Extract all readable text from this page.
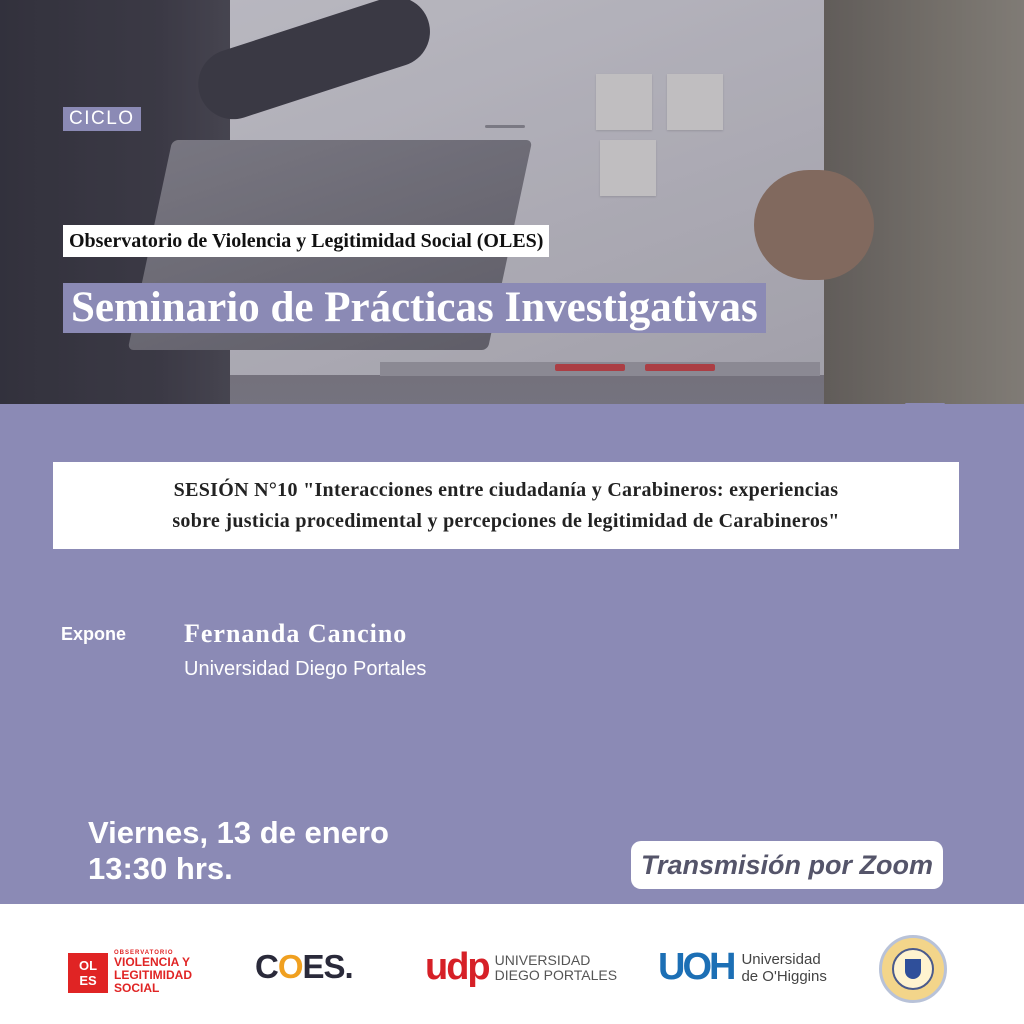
CICLO
Observatorio de Violencia y Legitimidad Social (OLES)
Seminario de Prácticas Investigativas
SESIÓN N°10 "Interacciones entre ciudadanía y Carabineros: experiencias
sobre justicia procedimental y percepciones de legitimidad de Carabineros"
Expone Fernanda Cancino
Universidad Diego Portales
Viernes, 13 de enero
13:30 hrs.	Transmisión por Zoom
OL
ES
OBSERVATORIO
VIOLENCIA Y
LEGITIMIDAD
SOCIAL
C O ES. udp UNIVERSIDAD
DIEGO PORTALES UOH Universidad
de O'Higgins
